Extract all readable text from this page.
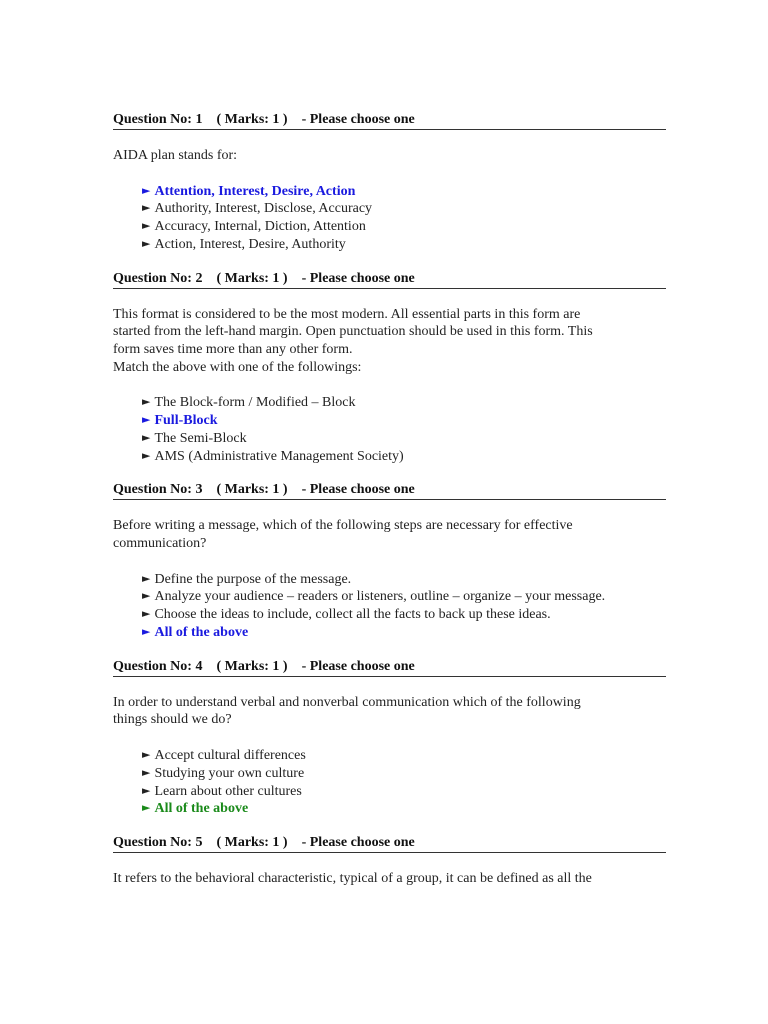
Question No: 1    ( Marks: 1 )    - Please choose one
AIDA plan stands for:
► Attention, Interest, Desire, Action
► Authority, Interest, Disclose, Accuracy
► Accuracy, Internal, Diction, Attention
► Action, Interest, Desire, Authority
Question No: 2    ( Marks: 1 )    - Please choose one
This format is considered to be the most modern. All essential parts in this form are
started from the left-hand margin. Open punctuation should be used in this form. This
form saves time more than any other form.
Match the above with one of the followings:
► The Block-form / Modified – Block
► Full-Block
► The Semi-Block
► AMS (Administrative Management Society)
Question No: 3    ( Marks: 1 )    - Please choose one
Before writing a message, which of the following steps are necessary for effective
communication?
► Define the purpose of the message.
► Analyze your audience – readers or listeners, outline – organize – your message.
► Choose the ideas to include, collect all the facts to back up these ideas.
► All of the above
Question No: 4    ( Marks: 1 )    - Please choose one
In order to understand verbal and nonverbal communication which of the following
things should we do?
► Accept cultural differences
► Studying your own culture
► Learn about other cultures
► All of the above
Question No: 5    ( Marks: 1 )    - Please choose one
It refers to the behavioral characteristic, typical of a group, it can be defined as all the
